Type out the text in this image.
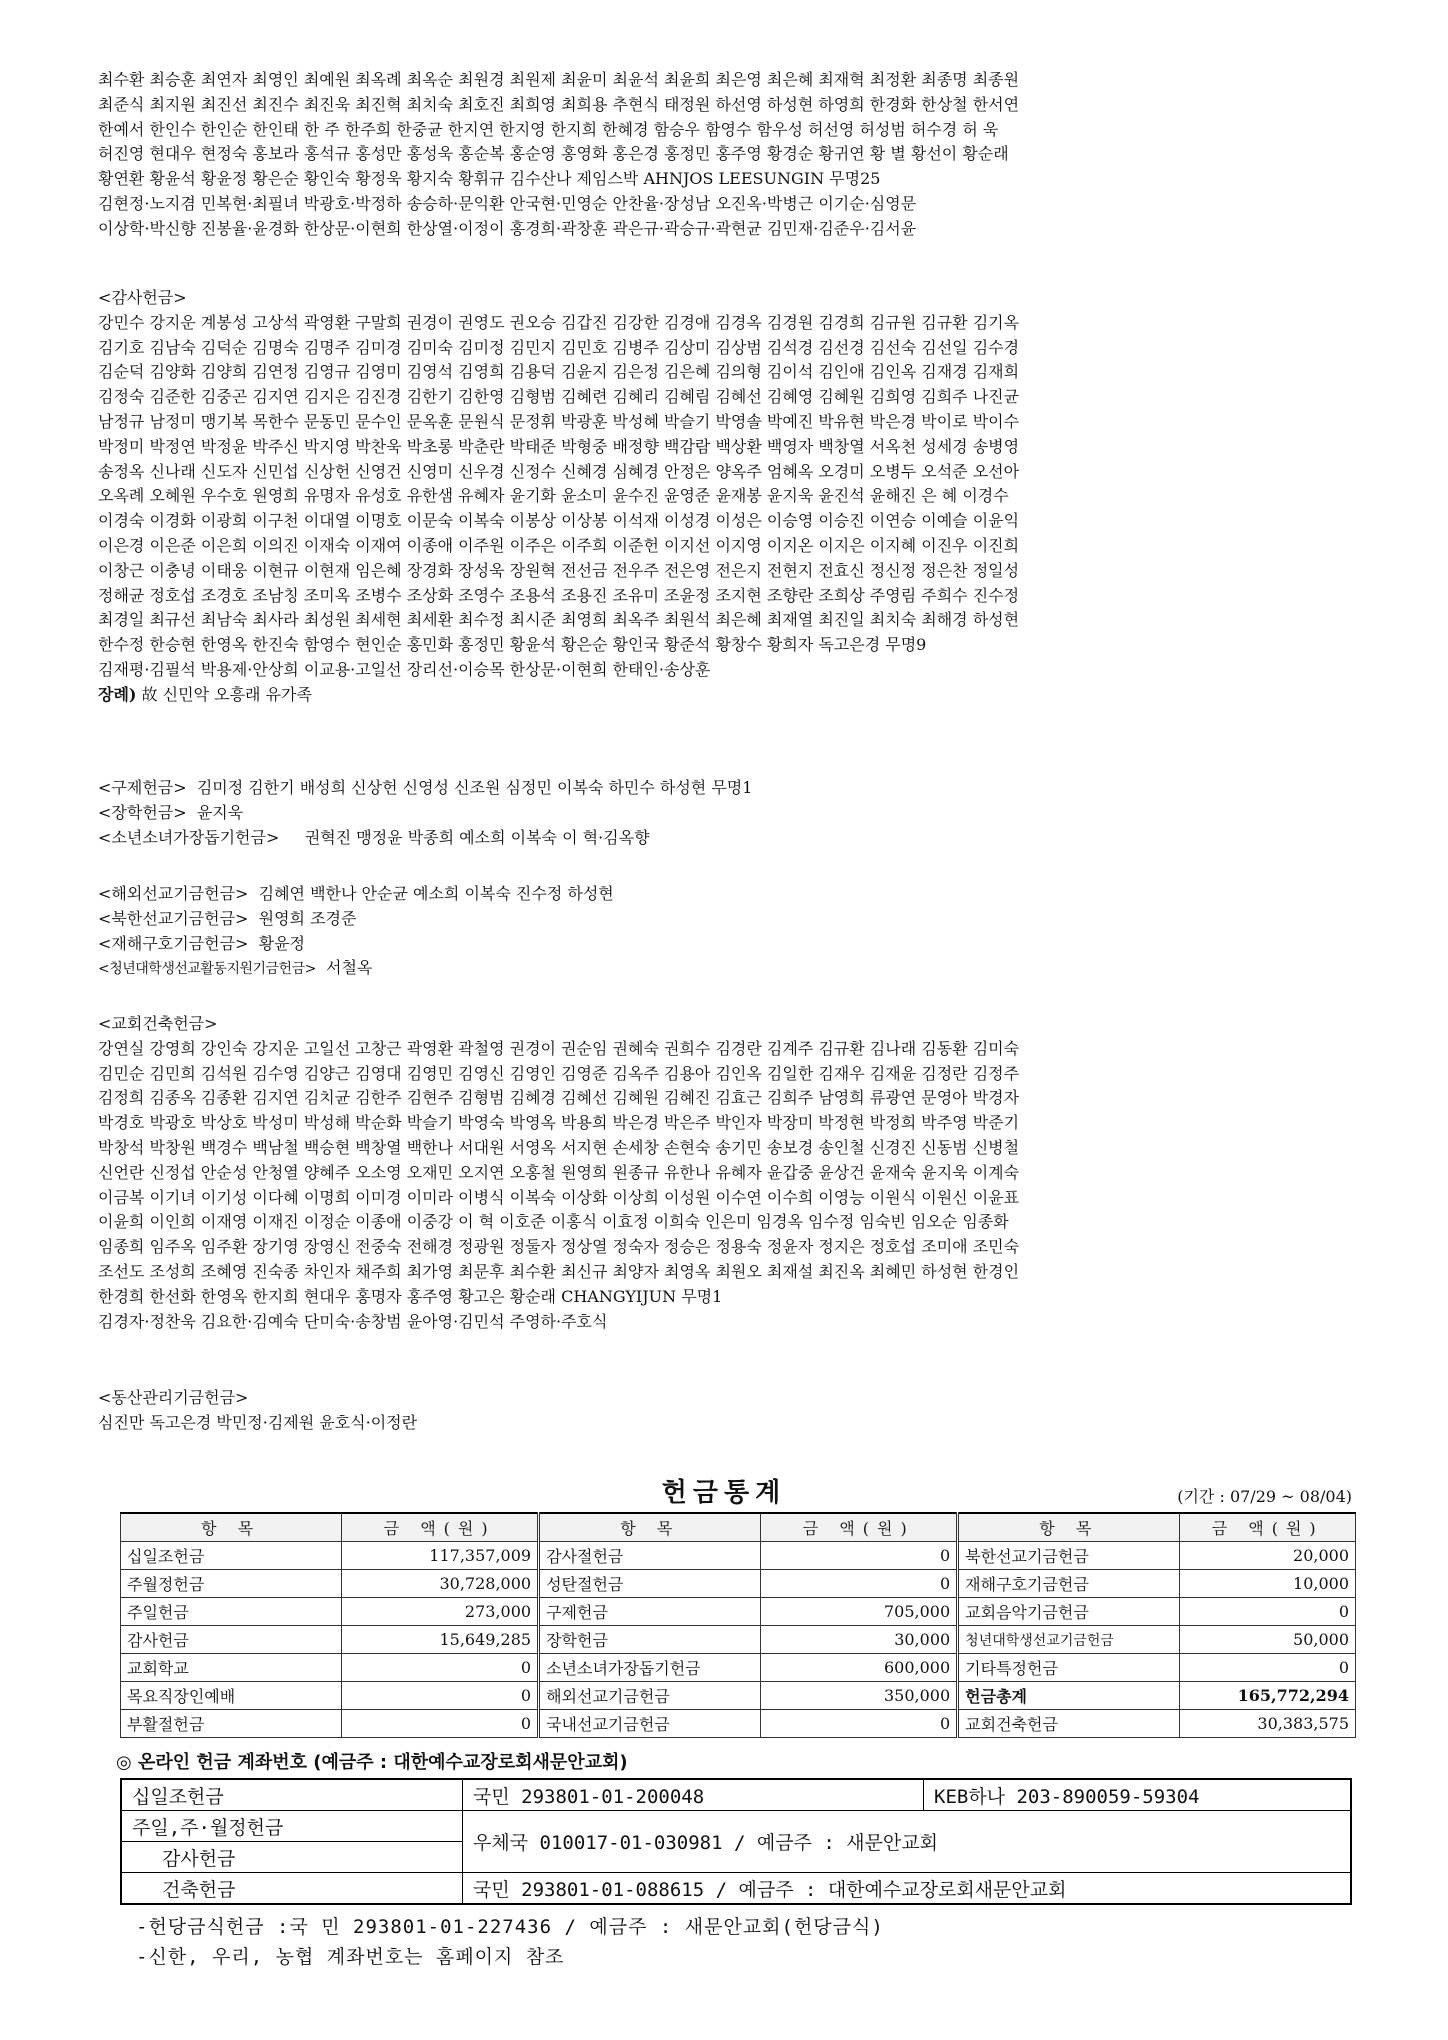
최수환 최승훈 최연자 최영인 최예원 최옥례 최옥순 최원경 최원제 최윤미 최윤석 최윤희 최은영 최은혜 최재혁 최정환 최종명 최종원
최준식 최지원 최진선 최진수 최진욱 최진혁 최치숙 최호진 최희영 최희용 추현식 태정원 하선영 하성현 하영희 한경화 한상철 한서연
한예서 한인수 한인순 한인태 한 주 한주희 한중균 한지연 한지영 한지희 한혜경 함승우 함영수 함우성 허선영 허성범 허수경 허 욱
허진영 현대우 현정숙 홍보라 홍석규 홍성만 홍성욱 홍순복 홍순영 홍영화 홍은경 홍정민 홍주영 황경순 황귀연 황 별 황선이 황순래
황연환 황윤석 황윤정 황은순 황인숙 황정욱 황지숙 황휘규 김수산나 제임스박 AHNJOS LEESUNGIN 무명25
김현정·노지겸 민복현·최필녀 박광호·박정하 송승하·문익환 안국현·민영순 안찬율·장성남 오진옥·박병근 이기순·심영문
이상학·박신향 진봉율·윤경화 한상문·이현희 한상열·이정이 홍경희·곽창훈 곽은규·곽승규·곽현균 김민재·김준우·김서윤
<감사헌금>
강민수 강지운 계봉성 고상석 곽영환 구말희 권경이 권영도 권오승 김갑진 김강한 김경애 김경옥 김경원 김경희 김규원 김규환 김기옥
김기호 김남숙 김덕순 김명숙 김명주 김미경 김미숙 김미정 김민지 김민호 김병주 김상미 김상범 김석경 김선경 김선숙 김선일 김수경
김순덕 김양화 김양희 김연정 김영규 김영미 김영석 김영희 김용덕 김윤지 김은정 김은혜 김의형 김이석 김인애 김인옥 김재경 김재희
김정숙 김준한 김중곤 김지연 김지은 김진경 김한기 김한영 김형범 김혜련 김혜리 김혜림 김혜선 김혜영 김혜원 김희영 김희주 나진균
남정규 남정미 맹기복 목한수 문동민 문수인 문옥훈 문원식 문정휘 박광훈 박성혜 박슬기 박영솔 박예진 박유현 박은경 박이로 박이수
박정미 박정연 박정윤 박주신 박지영 박찬욱 박초롱 박춘란 박태준 박형중 배정향 백감람 백상환 백영자 백창열 서옥천 성세경 송병영
송정옥 신나래 신도자 신민섭 신상헌 신영건 신영미 신우경 신정수 신혜경 심혜경 안정은 양옥주 엄혜옥 오경미 오병두 오석준 오선아
오옥례 오혜원 우수호 원영희 유명자 유성호 유한샘 유혜자 윤기화 윤소미 윤수진 윤영준 윤재봉 윤지욱 윤진석 윤해진 은 혜 이경수
이경숙 이경화 이광희 이구천 이대열 이명호 이문숙 이복숙 이봉상 이상봉 이석재 이성경 이성은 이승영 이승진 이연승 이예슬 이윤익
이은경 이은준 이은희 이의진 이재숙 이재여 이종애 이주원 이주은 이주희 이준헌 이지선 이지영 이지온 이지은 이지혜 이진우 이진희
이창근 이충녕 이태웅 이현규 이현재 임은혜 장경화 장성욱 장원혁 전선금 전우주 전은영 전은지 전현지 전효신 정신정 정은찬 정일성
정해균 정호섭 조경호 조남칭 조미옥 조병수 조상화 조영수 조용석 조용진 조유미 조윤정 조지현 조향란 조희상 주영림 주희수 진수정
최경일 최규선 최남숙 최사라 최성원 최세현 최세환 최수정 최시준 최영희 최옥주 최원석 최은혜 최재열 최진일 최치숙 최해경 하성현
한수정 한승현 한영옥 한진숙 함영수 현인순 홍민화 홍정민 황윤석 황은순 황인국 황준석 황창수 황희자 독고은경 무명9
김재평·김필석 박용제·안상희 이교용·고일선 장리선·이승목 한상문·이현희 한태인·송상훈
장례) 故 신민악 오흥래 유가족
<구제헌금> 김미정 김한기 배성희 신상헌 신영성 신조원 심정민 이복숙 하민수 하성현 무명1
<장학헌금> 윤지욱
<소년소녀가장돕기헌금> 권혁진 맹정윤 박종희 예소희 이복숙 이 혁·김옥향
<해외선교기금헌금> 김혜연 백한나 안순균 예소희 이복숙 진수정 하성현
<북한선교기금헌금> 원영희 조경준
<재해구호기금헌금> 황윤정
<청년대학생선교활동지원기금헌금> 서철옥
<교회건축헌금>
강연실 강영희 강인숙 강지운 고일선 고창근 곽영환 곽철영 권경이 권순임 권혜숙 권희수 김경란 김계주 김규환 김나래 김동환 김미숙
김민순 김민희 김석원 김수영 김양근 김영대 김영민 김영신 김영인 김영준 김옥주 김용아 김인옥 김일한 김재우 김재윤 김정란 김정주
김정희 김종옥 김종환 김지연 김치균 김한주 김현주 김형범 김혜경 김혜선 김혜원 김혜진 김효근 김희주 남영희 류광연 문영아 박경자
박경호 박광호 박상호 박성미 박성해 박순화 박슬기 박영숙 박영옥 박용희 박은경 박은주 박인자 박장미 박정현 박정희 박주영 박준기
박창석 박창원 백경수 백남철 백승현 백창열 백한나 서대원 서영옥 서지현 손세창 손현숙 송기민 송보경 송인철 신경진 신동범 신병철
신언란 신정섭 안순성 안청열 양혜주 오소영 오재민 오지연 오홍철 원영희 원종규 유한나 유혜자 윤갑중 윤상건 윤재숙 윤지욱 이계숙
이금복 이기녀 이기성 이다혜 이명희 이미경 이미라 이병식 이복숙 이상화 이상희 이성원 이수연 이수희 이영능 이원식 이원신 이윤표
이윤희 이인희 이재영 이재진 이정순 이종애 이중강 이 혁 이호준 이홍식 이효정 이희숙 인은미 임경옥 임수정 임숙빈 임오순 임종화
임종희 임주옥 임주환 장기영 장영신 전중숙 전해경 정광원 정둘자 정상열 정숙자 정승은 정용숙 정윤자 정지은 정호섭 조미애 조민숙
조선도 조성희 조혜영 진숙종 차인자 채주희 최가영 최문후 최수환 최신규 최양자 최영옥 최원오 최재설 최진옥 최혜민 하성현 한경인
한경희 한선화 한영옥 한지희 현대우 홍명자 홍주영 황고은 황순래 CHANGYIJUN 무명1
김경자·정찬욱 김요한·김예숙 단미숙·송창범 윤아영·김민석 주영하·주호식
<동산관리기금헌금>
심진만 독고은경 박민정·김제원 윤호식·이정란
헌금통계	(기간 : 07/29 ~ 08/04)
항 목	금 액(원)	항 목	금 액(원)	항 목	금 액(원)
십일조헌금	117,357,009	감사절헌금	0	북한선교기금헌금	20,000
주월정헌금	30,728,000	성탄절헌금	0	재해구호기금헌금	10,000
주일헌금	273,000	구제헌금	705,000	교회음악기금헌금	0
감사헌금	15,649,285	장학헌금	30,000	청년대학생선교기금헌금	50,000
교회학교	0	소년소녀가장돕기헌금	600,000	기타특정헌금	0
목요직장인예배	0	해외선교기금헌금	350,000	헌금총계	165,772,294
부활절헌금	0	국내선교기금헌금	0	교회건축헌금	30,383,575
◎ 온라인 헌금 계좌번호 (예금주 : 대한예수교장로회새문안교회)
십일조헌금	국민 293801-01-200048	KEB하나 203-890059-59304
주일,주·월정헌금	우체국 010017-01-030981 / 예금주 : 새문안교회	
감사헌금		
건축헌금	국민 293801-01-088615 / 예금주 : 대한예수교장로회새문안교회	
-헌당금식헌금 :국 민 293801-01-227436 / 예금주 : 새문안교회(헌당금식)
-신한, 우리, 농협 계좌번호는 홈페이지 참조
